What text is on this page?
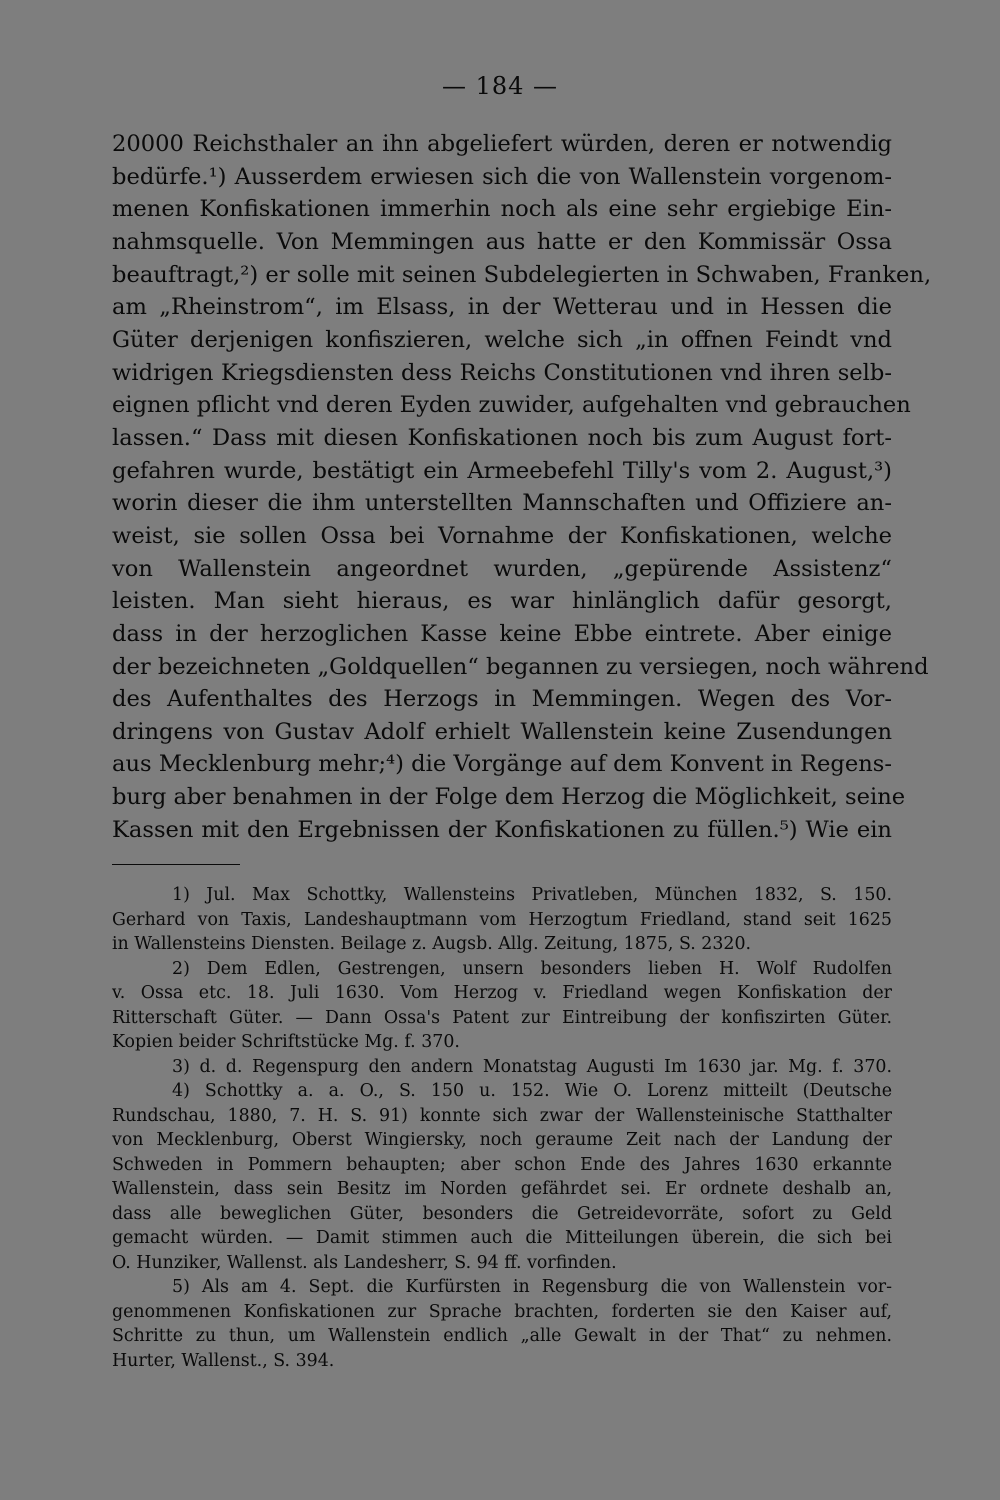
— 184 —
20000 Reichsthaler an ihn abgeliefert würden, deren er notwendig
bedürfe.¹) Ausserdem erwiesen sich die von Wallenstein vorgenom-
menen Konfiskationen immerhin noch als eine sehr ergiebige Ein-
nahmsquelle. Von Memmingen aus hatte er den Kommissär Ossa
beauftragt,²) er solle mit seinen Subdelegierten in Schwaben, Franken,
am „Rheinstrom“, im Elsass, in der Wetterau und in Hessen die
Güter derjenigen konfiszieren, welche sich „in offnen Feindt vnd
widrigen Kriegsdiensten dess Reichs Constitutionen vnd ihren selb-
eignen pflicht vnd deren Eyden zuwider, aufgehalten vnd gebrauchen
lassen.“ Dass mit diesen Konfiskationen noch bis zum August fort-
gefahren wurde, bestätigt ein Armeebefehl Tilly's vom 2. August,³)
worin dieser die ihm unterstellten Mannschaften und Offiziere an-
weist, sie sollen Ossa bei Vornahme der Konfiskationen, welche
von Wallenstein angeordnet wurden, „gepürende Assistenz“
leisten. Man sieht hieraus, es war hinlänglich dafür gesorgt,
dass in der herzoglichen Kasse keine Ebbe eintrete. Aber einige
der bezeichneten „Goldquellen“ begannen zu versiegen, noch während
des Aufenthaltes des Herzogs in Memmingen. Wegen des Vor-
dringens von Gustav Adolf erhielt Wallenstein keine Zusendungen
aus Mecklenburg mehr;⁴) die Vorgänge auf dem Konvent in Regens-
burg aber benahmen in der Folge dem Herzog die Möglichkeit, seine
Kassen mit den Ergebnissen der Konfiskationen zu füllen.⁵) Wie ein
1) Jul. Max Schottky, Wallensteins Privatleben, München 1832, S. 150.
Gerhard von Taxis, Landeshauptmann vom Herzogtum Friedland, stand seit 1625
in Wallensteins Diensten. Beilage z. Augsb. Allg. Zeitung, 1875, S. 2320.
2) Dem Edlen, Gestrengen, unsern besonders lieben H. Wolf Rudolfen
v. Ossa etc. 18. Juli 1630. Vom Herzog v. Friedland wegen Konfiskation der
Ritterschaft Güter. — Dann Ossa's Patent zur Eintreibung der konfiszirten Güter.
Kopien beider Schriftstücke Mg. f. 370.
3) d. d. Regenspurg den andern Monatstag Augusti Im 1630 jar. Mg. f. 370.
4) Schottky a. a. O., S. 150 u. 152. Wie O. Lorenz mitteilt (Deutsche
Rundschau, 1880, 7. H. S. 91) konnte sich zwar der Wallensteinische Statthalter
von Mecklenburg, Oberst Wingiersky, noch geraume Zeit nach der Landung der
Schweden in Pommern behaupten; aber schon Ende des Jahres 1630 erkannte
Wallenstein, dass sein Besitz im Norden gefährdet sei. Er ordnete deshalb an,
dass alle beweglichen Güter, besonders die Getreidevorräte, sofort zu Geld
gemacht würden. — Damit stimmen auch die Mitteilungen überein, die sich bei
O. Hunziker, Wallenst. als Landesherr, S. 94 ff. vorfinden.
5) Als am 4. Sept. die Kurfürsten in Regensburg die von Wallenstein vor-
genommenen Konfiskationen zur Sprache brachten, forderten sie den Kaiser auf,
Schritte zu thun, um Wallenstein endlich „alle Gewalt in der That“ zu nehmen.
Hurter, Wallenst., S. 394.
